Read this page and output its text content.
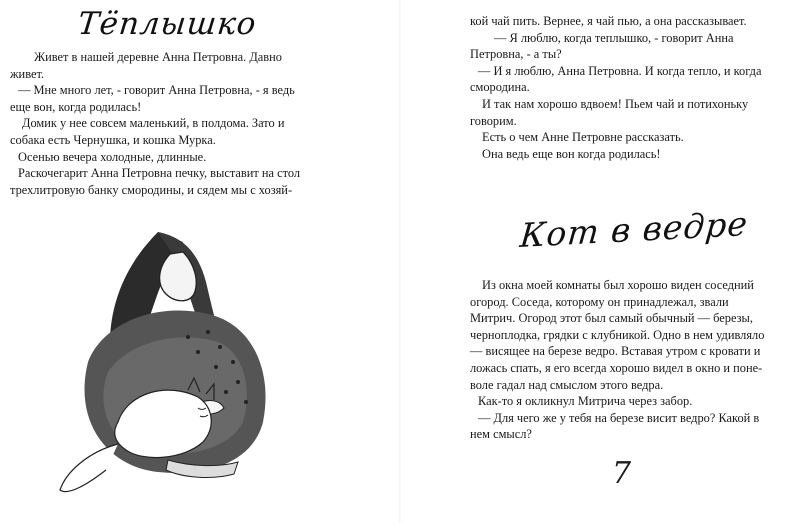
Тёплышко

Живет в нашей деревне Анна Петровна. Давно

живет.

— Мне много лет, - говорит Анна Петровна, - я ведь

еще вон, когда родилась!

Домик у нее совсем маленький, в полдома. Зато и

собака есть Чернушка, и кошка Мурка.

Осенью вечера холодные, длинные.

Раскочегарит Анна Петровна печку, выставит на стол

трехлитровую банку смородины, и сядем мы с хозяй-

кой чай пить. Вернее, я чай пью, а она рассказывает.

— Я люблю, когда теплышко, - говорит Анна

Петровна, - а ты?

— И я люблю, Анна Петровна. И когда тепло, и когда

смородина.

И так нам хорошо вдвоем! Пьем чай и потихоньку

говорим.

Есть о чем Анне Петровне рассказать.

Она ведь еще вон когда родилась!

Кот в ведре

Из окна моей комнаты был хорошо виден соседний

огород. Соседа, которому он принадлежал, звали

Митрич. Огород этот был самый обычный — березы,

черноплодка, грядки с клубникой. Одно в нем удивляло

— висящее на березе ведро. Вставая утром с кровати и

ложась спать, я его всегда хорошо видел в окно и поне-

воле гадал над смыслом этого ведра.

Как-то я окликнул Митрича через забор.

— Для чего же у тебя на березе висит ведро? Какой в

нем смысл?

7
